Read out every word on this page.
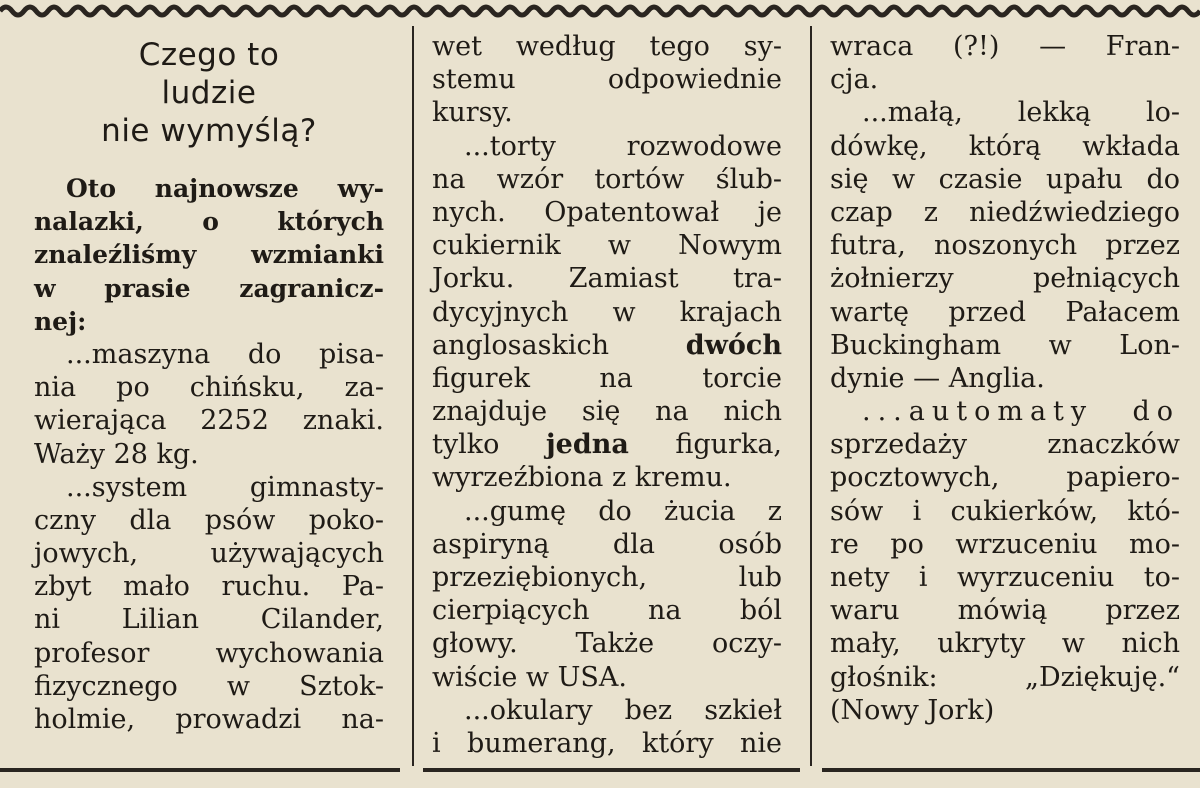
Czego to
ludzie
nie wymyślą?
Oto najnowsze wy-
nalazki, o których
znaleźliśmy wzmianki
w prasie zagranicz-
nej:
...maszyna do pisa-
nia po chińsku, za-
wierająca 2252 znaki.
Waży 28 kg.
...system gimnasty-
czny dla psów poko-
jowych, używających
zbyt mało ruchu. Pa-
ni Lilian Cilander,
profesor wychowania
fizycznego w Sztok-
holmie, prowadzi na-
wet według tego sy-
stemu odpowiednie
kursy.
...torty rozwodowe
na wzór tortów ślub-
nych. Opatentował je
cukiernik w Nowym
Jorku. Zamiast tra-
dycyjnych w krajach
anglosaskich dwóch
figurek na torcie
znajduje się na nich
tylko jedna figurka,
wyrzeźbiona z kremu.
...gumę do żucia z
aspiryną dla osób
przeziębionych, lub
cierpiących na ból
głowy. Także oczy-
wiście w USA.
...okulary bez szkieł
i bumerang, który nie
wraca (?!) — Fran-
cja.
...małą, lekką lo-
dówkę, którą wkłada
się w czasie upału do
czap z niedźwiedziego
futra, noszonych przez
żołnierzy pełniących
wartę przed Pałacem
Buckingham w Lon-
dynie — Anglia.
...automaty do
sprzedaży znaczków
pocztowych, papiero-
sów i cukierków, któ-
re po wrzuceniu mo-
nety i wyrzuceniu to-
waru mówią przez
mały, ukryty w nich
głośnik: „Dziękuję.“
(Nowy Jork)
